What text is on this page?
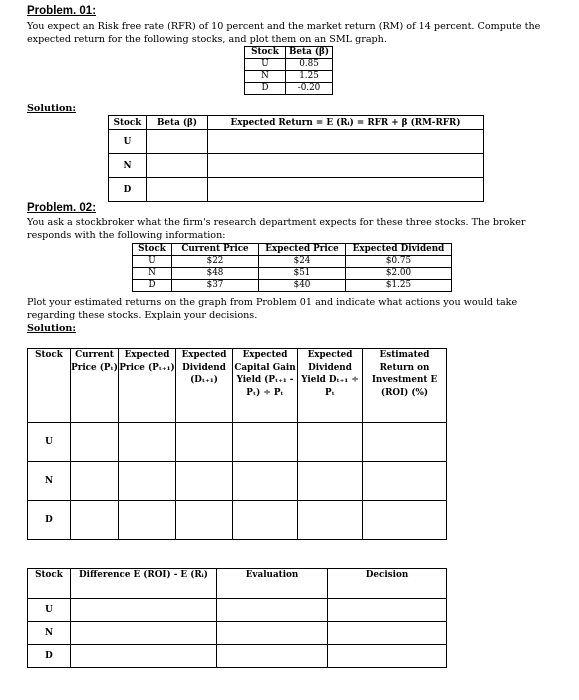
Problem. 01:
You expect an Risk free rate (RFR) of 10 percent and the market return (RM) of 14 percent. Compute the expected return for the following stocks, and plot them on an SML graph.
Stock	Beta (β)
U	0.85
N	1.25
D	-0.20
Solution:
Stock	Beta (β)	Expected Return = E (Rᵢ) = RFR + β (RM-RFR)
U		
N		
D		
Problem. 02:
You ask a stockbroker what the firm's research department expects for these three stocks. The broker responds with the following information:
Stock	Current Price	Expected Price	Expected Dividend
U	$22	$24	$0.75
N	$48	$51	$2.00
D	$37	$40	$1.25
Plot your estimated returns on the graph from Problem 01 and indicate what actions you would take regarding these stocks. Explain your decisions.
Solution:
Stock	Current Price (Pₜ)	Expected Price (Pₜ₊₁)	Expected Dividend (Dₜ₊₁)	Expected Capital Gain Yield (Pₜ₊₁ - Pₜ) ÷ Pₜ	Expected Dividend Yield Dₜ₊₁ ÷ Pₜ	Estimated Return on Investment E (ROI) (%)
U						
N						
D						
Stock	Difference E (ROI) - E (Rᵢ)	Evaluation	Decision
U			
N			
D			
